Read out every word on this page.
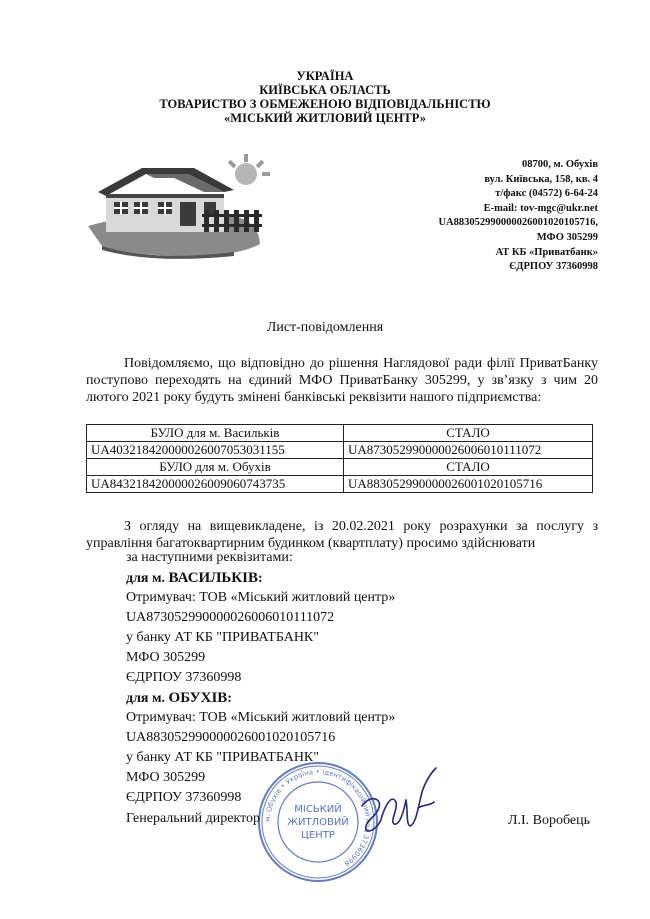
УКРАЇНА
КИЇВСЬКА ОБЛАСТЬ
ТОВАРИСТВО З ОБМЕЖЕНОЮ ВІДПОВІДАЛЬНІСТЮ
«МІСЬКИЙ ЖИТЛОВИЙ ЦЕНТР»
08700, м. Обухів
вул. Київська, 158, кв. 4
т/факс (04572) 6-64-24
E-mail: tov-mgc@ukr.net
UA883052990000026001020105716,
МФО 305299
АТ КБ «Приватбанк»
ЄДРПОУ 37360998
Лист-повідомлення
Повідомляємо, що відповідно до рішення Наглядової ради філії ПриватБанку поступово переходять на єдиний МФО ПриватБанку 305299, у зв’язку з чим 20 лютого 2021 року будуть змінені банківські реквізити нашого підприємства:
БУЛО для м. Васильків	СТАЛО
UA403218420000026007053031155	UA873052990000026006010111072
БУЛО для м. Обухів	СТАЛО
UA843218420000026009060743735	UA883052990000026001020105716
З огляду на вищевикладене, із 20.02.2021 року розрахунки за послугу з управління багатоквартирним будинком (квартплату) просимо здійснювати
за наступними реквізитами:
для м. ВАСИЛЬКІВ:
Отримувач: ТОВ «Міський житловий центр»
UA873052990000026006010111072
у банку АТ КБ "ПРИВАТБАНК"
МФО 305299
ЄДРПОУ 37360998
для м. ОБУХІВ:
Отримувач: ТОВ «Міський житловий центр»
UA883052990000026001020105716
у банку АТ КБ "ПРИВАТБАНК"
МФО 305299
ЄДРПОУ 37360998
м. Обухів • Україна • ідентифікаційний код 37360998
МІСЬКИЙ
ЖИТЛОВИЙ
ЦЕНТР
Генеральний директор	Л.І. Воробець
